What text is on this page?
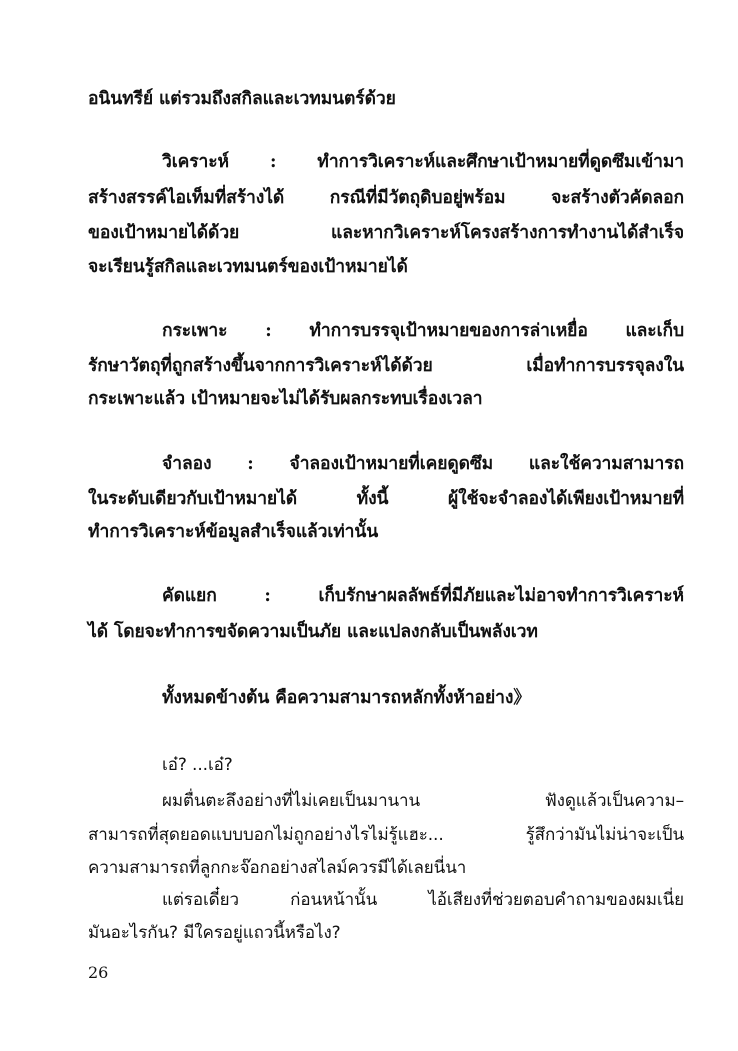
อนินทรีย์ แต่รวมถึงสกิลและเวทมนตร์ด้วย
วิเคราะห์ : ทำการวิเคราะห์และศึกษาเป้าหมายที่ดูดซึมเข้ามา
สร้างสรรค์ไอเท็มที่สร้างได้ กรณีที่มีวัตถุดิบอยู่พร้อม จะสร้างตัวคัดลอก
ของเป้าหมายได้ด้วย และหากวิเคราะห์โครงสร้างการทำงานได้สำเร็จ
จะเรียนรู้สกิลและเวทมนตร์ของเป้าหมายได้
กระเพาะ : ทำการบรรจุเป้าหมายของการล่าเหยื่อ และเก็บ
รักษาวัตถุที่ถูกสร้างขึ้นจากการวิเคราะห์ได้ด้วย เมื่อทำการบรรจุลงใน
กระเพาะแล้ว เป้าหมายจะไม่ได้รับผลกระทบเรื่องเวลา
จำลอง : จำลองเป้าหมายที่เคยดูดซึม และใช้ความสามารถ
ในระดับเดียวกับเป้าหมายได้ ทั้งนี้ ผู้ใช้จะจำลองได้เพียงเป้าหมายที่
ทำการวิเคราะห์ข้อมูลสำเร็จแล้วเท่านั้น
คัดแยก : เก็บรักษาผลลัพธ์ที่มีภัยและไม่อาจทำการวิเคราะห์
ได้ โดยจะทำการขจัดความเป็นภัย และแปลงกลับเป็นพลังเวท
ทั้งหมดข้างต้น คือความสามารถหลักทั้งห้าอย่าง》
เอ๋? ...เอ๋?
ผมตื่นตะลึงอย่างที่ไม่เคยเป็นมานาน ฟังดูแล้วเป็นความ–
สามารถที่สุดยอดแบบบอกไม่ถูกอย่างไรไม่รู้แฮะ... รู้สึกว่ามันไม่น่าจะเป็น
ความสามารถที่ลูกกะจ๊อกอย่างสไลม์ควรมีได้เลยนี่นา
แต่รอเดี๋ยว ก่อนหน้านั้น ไอ้เสียงที่ช่วยตอบคำถามของผมเนี่ย
มันอะไรกัน? มีใครอยู่แถวนี้หรือไง?
26
